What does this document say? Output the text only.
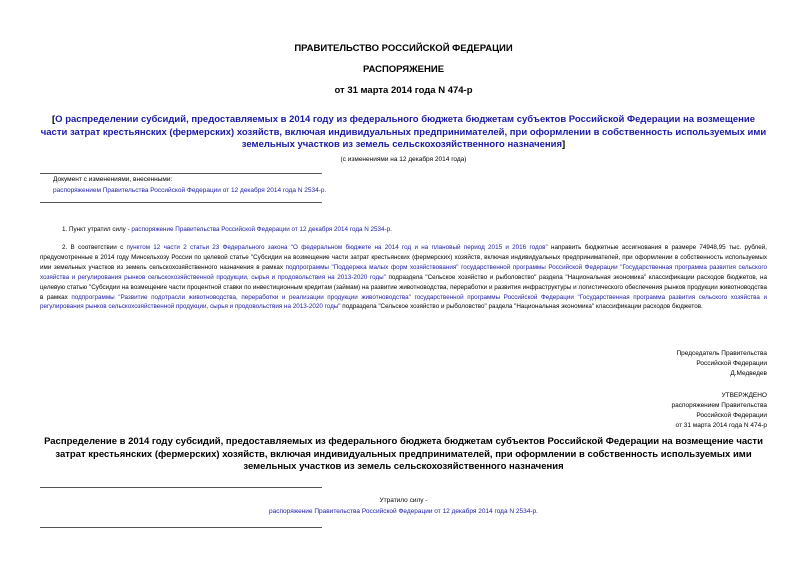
ПРАВИТЕЛЬСТВО РОССИЙСКОЙ ФЕДЕРАЦИИ
РАСПОРЯЖЕНИЕ
от 31 марта 2014 года N 474-р
[О распределении субсидий, предоставляемых в 2014 году из федерального бюджета бюджетам субъектов Российской Федерации на возмещение части затрат крестьянских (фермерских) хозяйств, включая индивидуальных предпринимателей, при оформлении в собственность используемых ими земельных участков из земель сельскохозяйственного назначения]
(с изменениями на 12 декабря 2014 года)
Документ с изменениями, внесенными:
распоряжением Правительства Российской Федерации от 12 декабря 2014 года N 2534-р.
1. Пункт утратил силу - распоряжение Правительства Российской Федерации от 12 декабря 2014 года N 2534-р.
2. В соответствии с пунктом 12 части 2 статьи 23 Федерального закона "О федеральном бюджете на 2014 год и на плановый период 2015 и 2016 годов" направить бюджетные ассигнования в размере 74948,95 тыс. рублей, предусмотренные в 2014 году Минсельхозу России по целевой статье "Субсидии на возмещение части затрат крестьянских (фермерских) хозяйств, включая индивидуальных предпринимателей, при оформлении в собственность используемых ими земельных участков из земель сельскохозяйственного назначения в рамках подпрограммы "Поддержка малых форм хозяйствования" государственной программы Российской Федерации "Государственная программа развития сельского хозяйства и регулирования рынков сельскохозяйственной продукции, сырья и продовольствия на 2013-2020 годы" подраздела "Сельское хозяйство и рыболовство" раздела "Национальная экономика" классификации расходов бюджетов, на целевую статью "Субсидии на возмещение части процентной ставки по инвестиционным кредитам (займам) на развитие животноводства, переработки и развития инфраструктуры и логистического обеспечения рынков продукции животноводства в рамках подпрограммы "Развитие подотрасли животноводства, переработки и реализации продукции животноводства" государственной программы Российской Федерации "Государственная программа развития сельского хозяйства и регулирования рынков сельскохозяйственной продукции, сырья и продовольствия на 2013-2020 годы" подраздела "Сельское хозяйство и рыболовство" раздела "Национальная экономика" классификации расходов бюджетов.
Председатель Правительства
Российской Федерации
Д.Медведев
УТВЕРЖДЕНО
распоряжением Правительства
Российской Федерации
от 31 марта 2014 года N 474-р
Распределение в 2014 году субсидий, предоставляемых из федерального бюджета бюджетам субъектов Российской Федерации на возмещение части затрат крестьянских (фермерских) хозяйств, включая индивидуальных предпринимателей, при оформлении в собственность используемых ими земельных участков из земель сельскохозяйственного назначения
Утратило силу -
распоряжение Правительства Российской Федерации от 12 декабря 2014 года N 2534-р.
